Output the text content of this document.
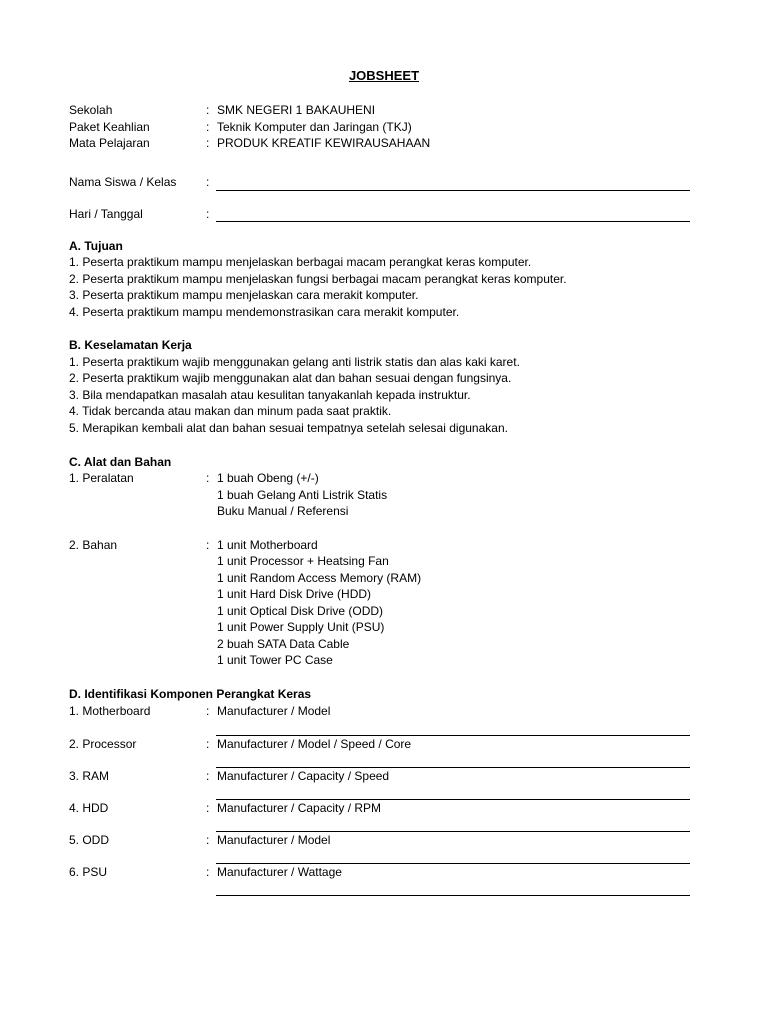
JOBSHEET
Sekolah	: SMK NEGERI 1 BAKAUHENI
Paket Keahlian	: Teknik Komputer dan Jaringan (TKJ)
Mata Pelajaran	: PRODUK KREATIF KEWIRAUSAHAAN
Nama Siswa / Kelas :
Hari / Tanggal	:
A. Tujuan
1. Peserta praktikum mampu menjelaskan berbagai macam perangkat keras komputer.
2. Peserta praktikum mampu menjelaskan fungsi berbagai macam perangkat keras komputer.
3. Peserta praktikum mampu menjelaskan cara merakit komputer.
4. Peserta praktikum mampu mendemonstrasikan cara merakit komputer.
B. Keselamatan Kerja
1. Peserta praktikum wajib menggunakan gelang anti listrik statis dan alas kaki karet.
2. Peserta praktikum wajib menggunakan alat dan bahan sesuai dengan fungsinya.
3. Bila mendapatkan masalah atau kesulitan tanyakanlah kepada instruktur.
4. Tidak bercanda atau makan dan minum pada saat praktik.
5. Merapikan kembali alat dan bahan sesuai tempatnya setelah selesai digunakan.
C. Alat dan Bahan
1. Peralatan	: 1 buah Obeng (+/-)
1 buah Gelang Anti Listrik Statis
Buku Manual / Referensi
2. Bahan	: 1 unit Motherboard
1 unit Processor + Heatsing Fan
1 unit Random Access Memory (RAM)
1 unit Hard Disk Drive (HDD)
1 unit Optical Disk Drive (ODD)
1 unit Power Supply Unit (PSU)
2 buah SATA Data Cable
1 unit Tower PC Case
D. Identifikasi Komponen Perangkat Keras
1. Motherboard	: Manufacturer / Model
2. Processor	: Manufacturer / Model / Speed / Core
3. RAM	: Manufacturer / Capacity / Speed
4. HDD	: Manufacturer / Capacity / RPM
5. ODD	: Manufacturer / Model
6. PSU	: Manufacturer / Wattage
